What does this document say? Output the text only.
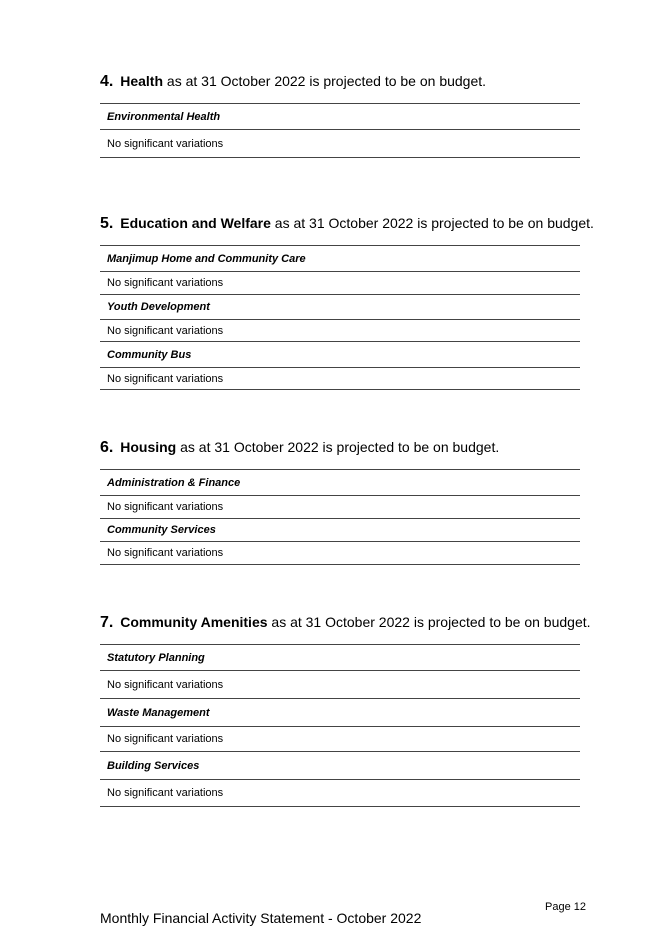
4. Health as at 31 October 2022 is projected to be on budget.
Environmental Health
No significant variations
5. Education and Welfare as at 31 October 2022 is projected to be on budget.
Manjimup Home and Community Care
No significant variations
Youth Development
No significant variations
Community Bus
No significant variations
6. Housing as at 31 October 2022 is projected to be on budget.
Administration & Finance
No significant variations
Community Services
No significant variations
7. Community Amenities as at 31 October 2022 is projected to be on budget.
Statutory Planning
No significant variations
Waste Management
No significant variations
Building Services
No significant variations
Page 12
Monthly Financial Activity Statement - October 2022
